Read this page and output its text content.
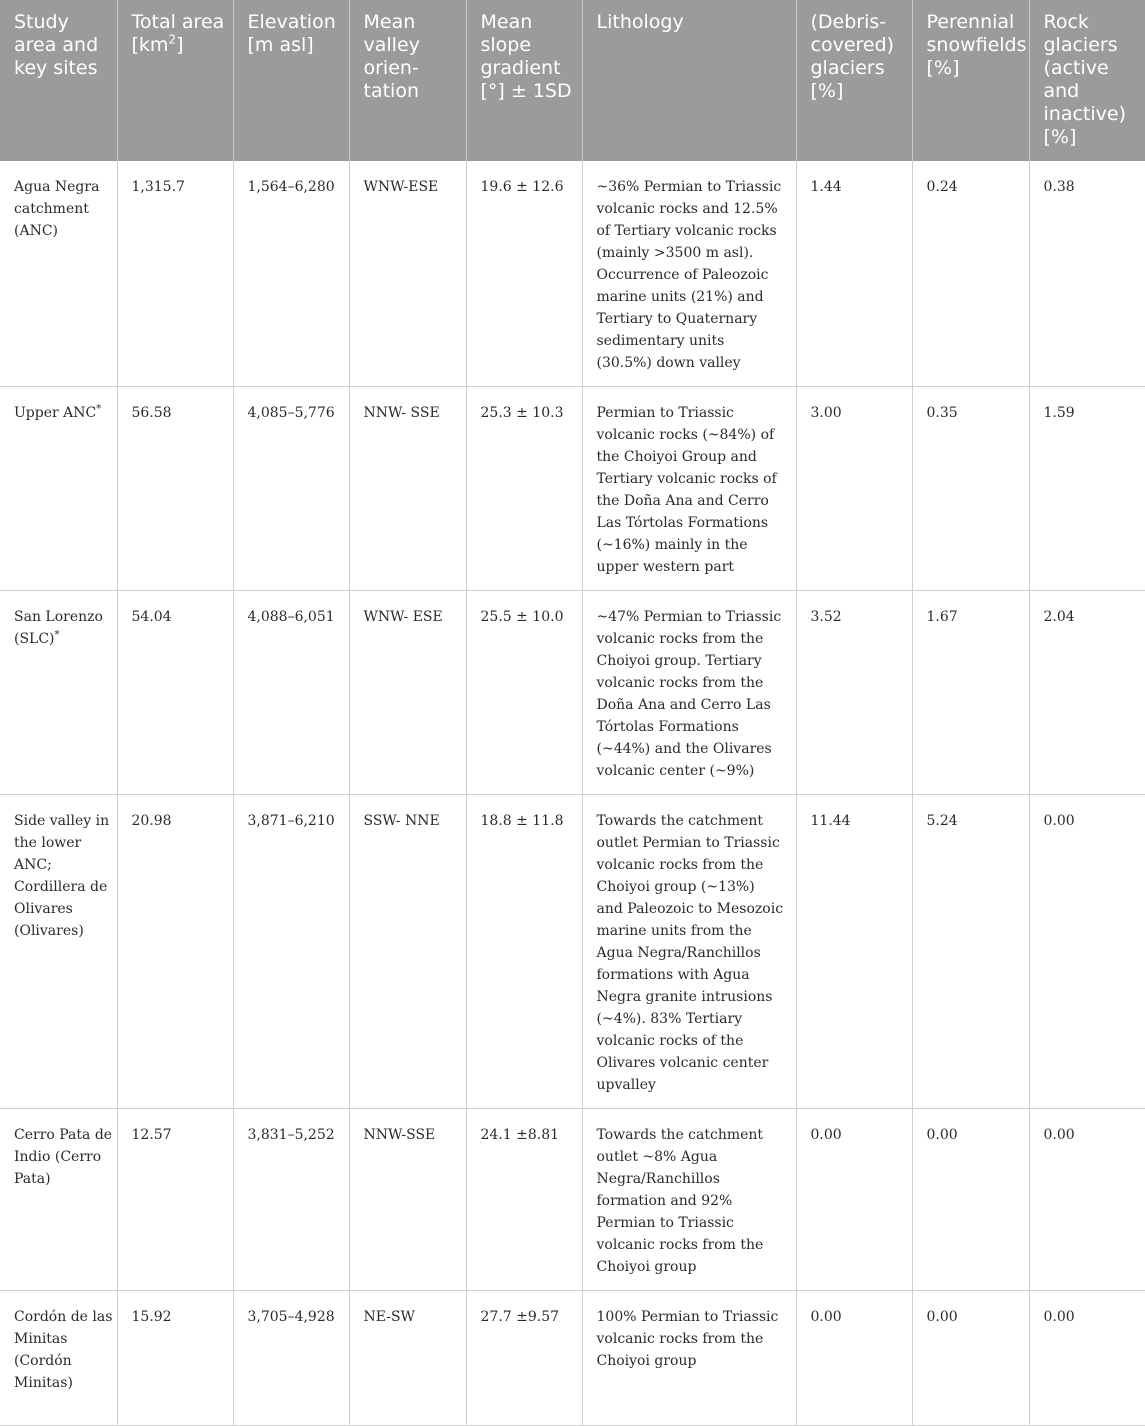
Study area and key sites	Total area $[km^2]$	Elevation [m asl]	Mean valley orien-tation	Mean slope gradient [°] ± 1SD	Lithology	(Debris-covered) glaciers [%]	Perennial snowfields [%]	Rock glaciers (active and inactive) [%]
Agua Negra catchment (ANC)	1,315.7	1,564–6,280	WNW-ESE	19.6 ± 12.6	~36% Permian to Triassic volcanic rocks and 12.5% of Tertiary volcanic rocks (mainly >3500 m asl). Occurrence of Paleozoic marine units (21%) and Tertiary to Quaternary sedimentary units (30.5%) down valley	1.44	0.24	0.38
Upper ANC*	56.58	4,085–5,776	NNW- SSE	25.3 ± 10.3	Permian to Triassic volcanic rocks (~84%) of the Choiyoi Group and Tertiary volcanic rocks of the Doña Ana and Cerro Las Tórtolas Formations (~16%) mainly in the upper western part	3.00	0.35	1.59
San Lorenzo (SLC)*	54.04	4,088–6,051	WNW- ESE	25.5 ± 10.0	~47% Permian to Triassic volcanic rocks from the Choiyoi group. Tertiary volcanic rocks from the Doña Ana and Cerro Las Tórtolas Formations (~44%) and the Olivares volcanic center (~9%)	3.52	1.67	2.04
Side valley in the lower ANC; Cordillera de Olivares (Olivares)	20.98	3,871–6,210	SSW- NNE	18.8 ± 11.8	Towards the catchment outlet Permian to Triassic volcanic rocks from the Choiyoi group (~13%) and Paleozoic to Mesozoic marine units from the Agua Negra/Ranchillos formations with Agua Negra granite intrusions (~4%). 83% Tertiary volcanic rocks of the Olivares volcanic center upvalley	11.44	5.24	0.00
Cerro Pata de Indio (Cerro Pata)	12.57	3,831–5,252	NNW-SSE	24.1 ±8.81	Towards the catchment outlet ~8% Agua Negra/Ranchillos formation and 92% Permian to Triassic volcanic rocks from the Choiyoi group	0.00	0.00	0.00
Cordón de las Minitas (Cordón Minitas)	15.92	3,705–4,928	NE-SW	27.7 ±9.57	100% Permian to Triassic volcanic rocks from the Choiyoi group	0.00	0.00	0.00
